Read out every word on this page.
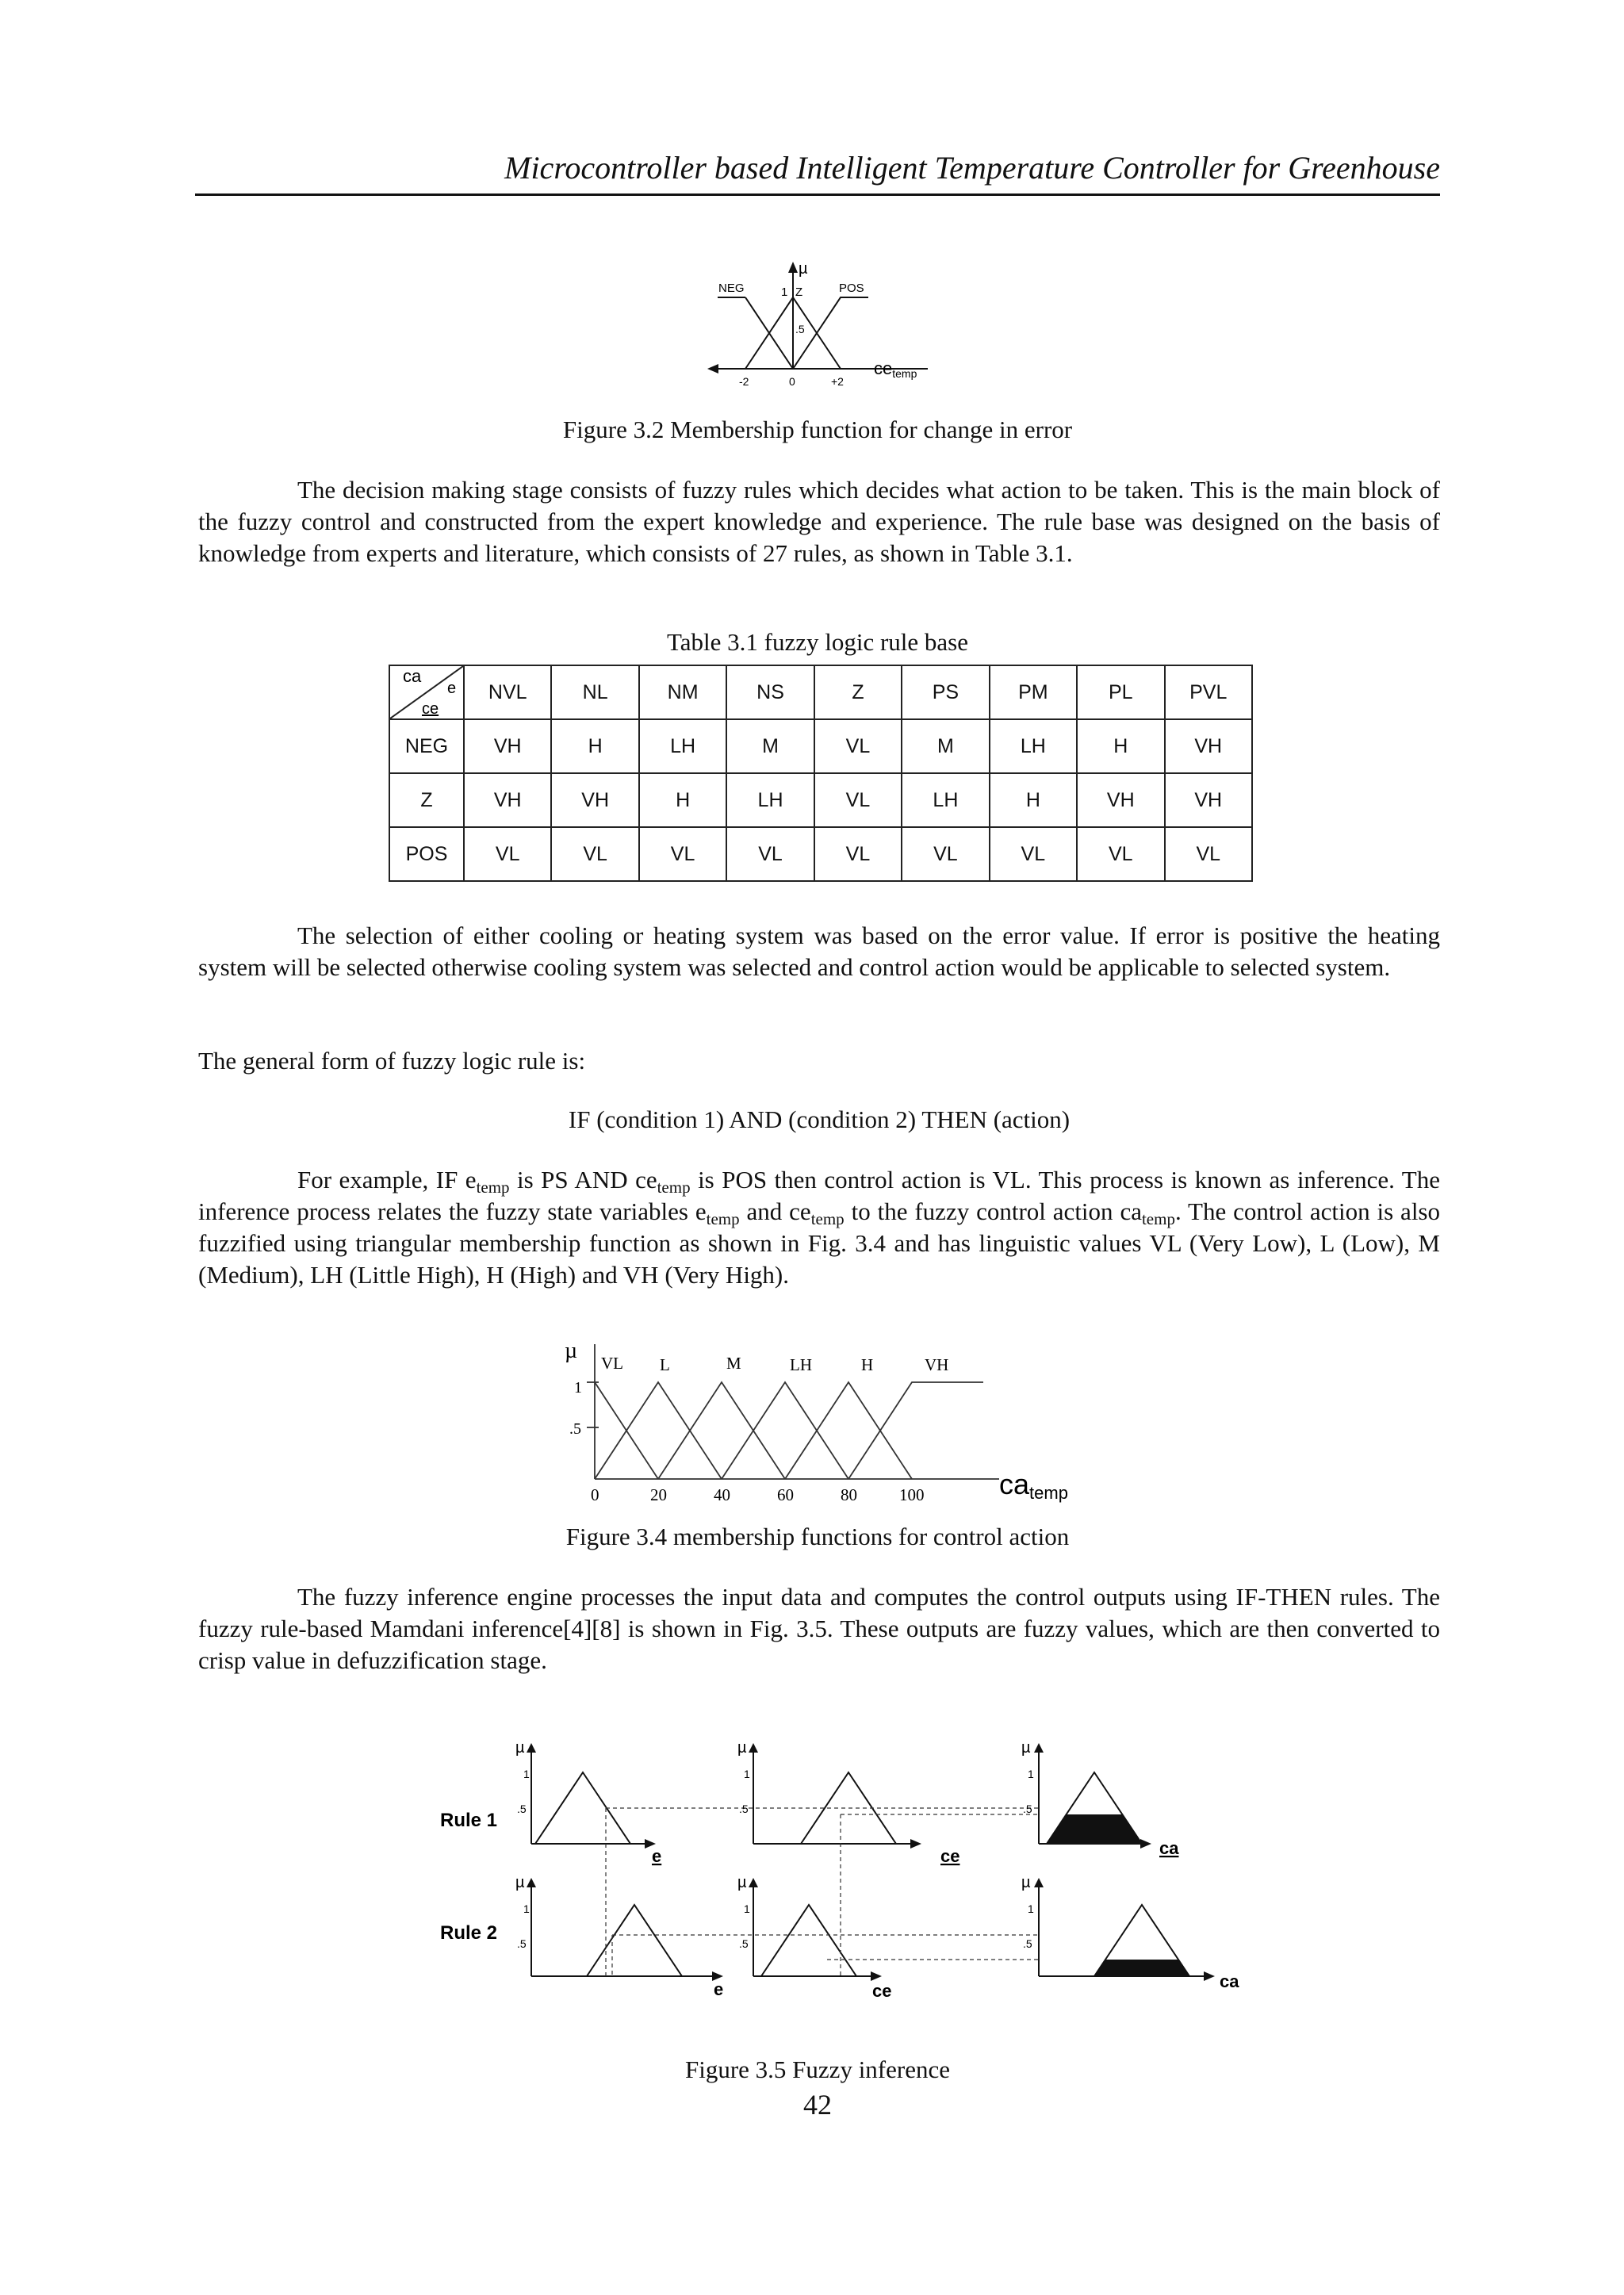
Microcontroller based Intelligent Temperature Controller for Greenhouse
µ
NEG	1 Z	POS
.5
-2	0	+2
cetemp
Figure 3.2 Membership function for change in error

The decision making stage consists of fuzzy rules which decides what action to be taken. This is the main block of the fuzzy control and constructed from the expert knowledge and experience. The rule base was designed on the basis of knowledge from experts and literature, which consists of 27 rules, as shown in Table 3.1.

Table 3.1 fuzzy logic rule base
ca
e
ce	NVL	NL	NM	NS	Z	PS	PM	PL	PVL
NEG	VH	H	LH	M	VL	M	LH	H	VH
Z	VH	VH	H	LH	VL	LH	H	VH	VH
POS	VL	VL	VL	VL	VL	VL	VL	VL	VL

The selection of either cooling or heating system was based on the error value. If error is positive the heating system will be selected otherwise cooling system was selected and control action would be applicable to selected system.

The general form of fuzzy logic rule is:

IF (condition 1) AND (condition 2) THEN (action)

For example, IF $e_{temp}$ is PS AND $ce_{temp}$ is POS then control action is VL. This process is known as inference. The inference process relates the fuzzy state variables $e_{temp}$ and $ce_{temp}$ to the fuzzy control action $ca_{temp}$. The control action is also fuzzified using triangular membership function as shown in Fig. 3.4 and has linguistic values VL (Very Low), L (Low), M (Medium), LH (Little High), H (High) and VH (Very High).

µ
1
.5
VL L	M	LH	H	VH
0	20	40	60	80	100	catemp
Figure 3.4 membership functions for control action

The fuzzy inference engine processes the input data and computes the control outputs using IF-THEN rules. The fuzzy rule-based Mamdani inference[4][8] is shown in Fig. 3.5. These outputs are fuzzy values, which are then converted to crisp value in defuzzification stage.

Rule 1
Rule 2
µ
1
.5
e
µ
1
.5
ce
µ
1
.5
ca
µ
1
.5
e
µ
1
.5
ce
µ
1
.5
ca
Figure 3.5 Fuzzy inference
42
